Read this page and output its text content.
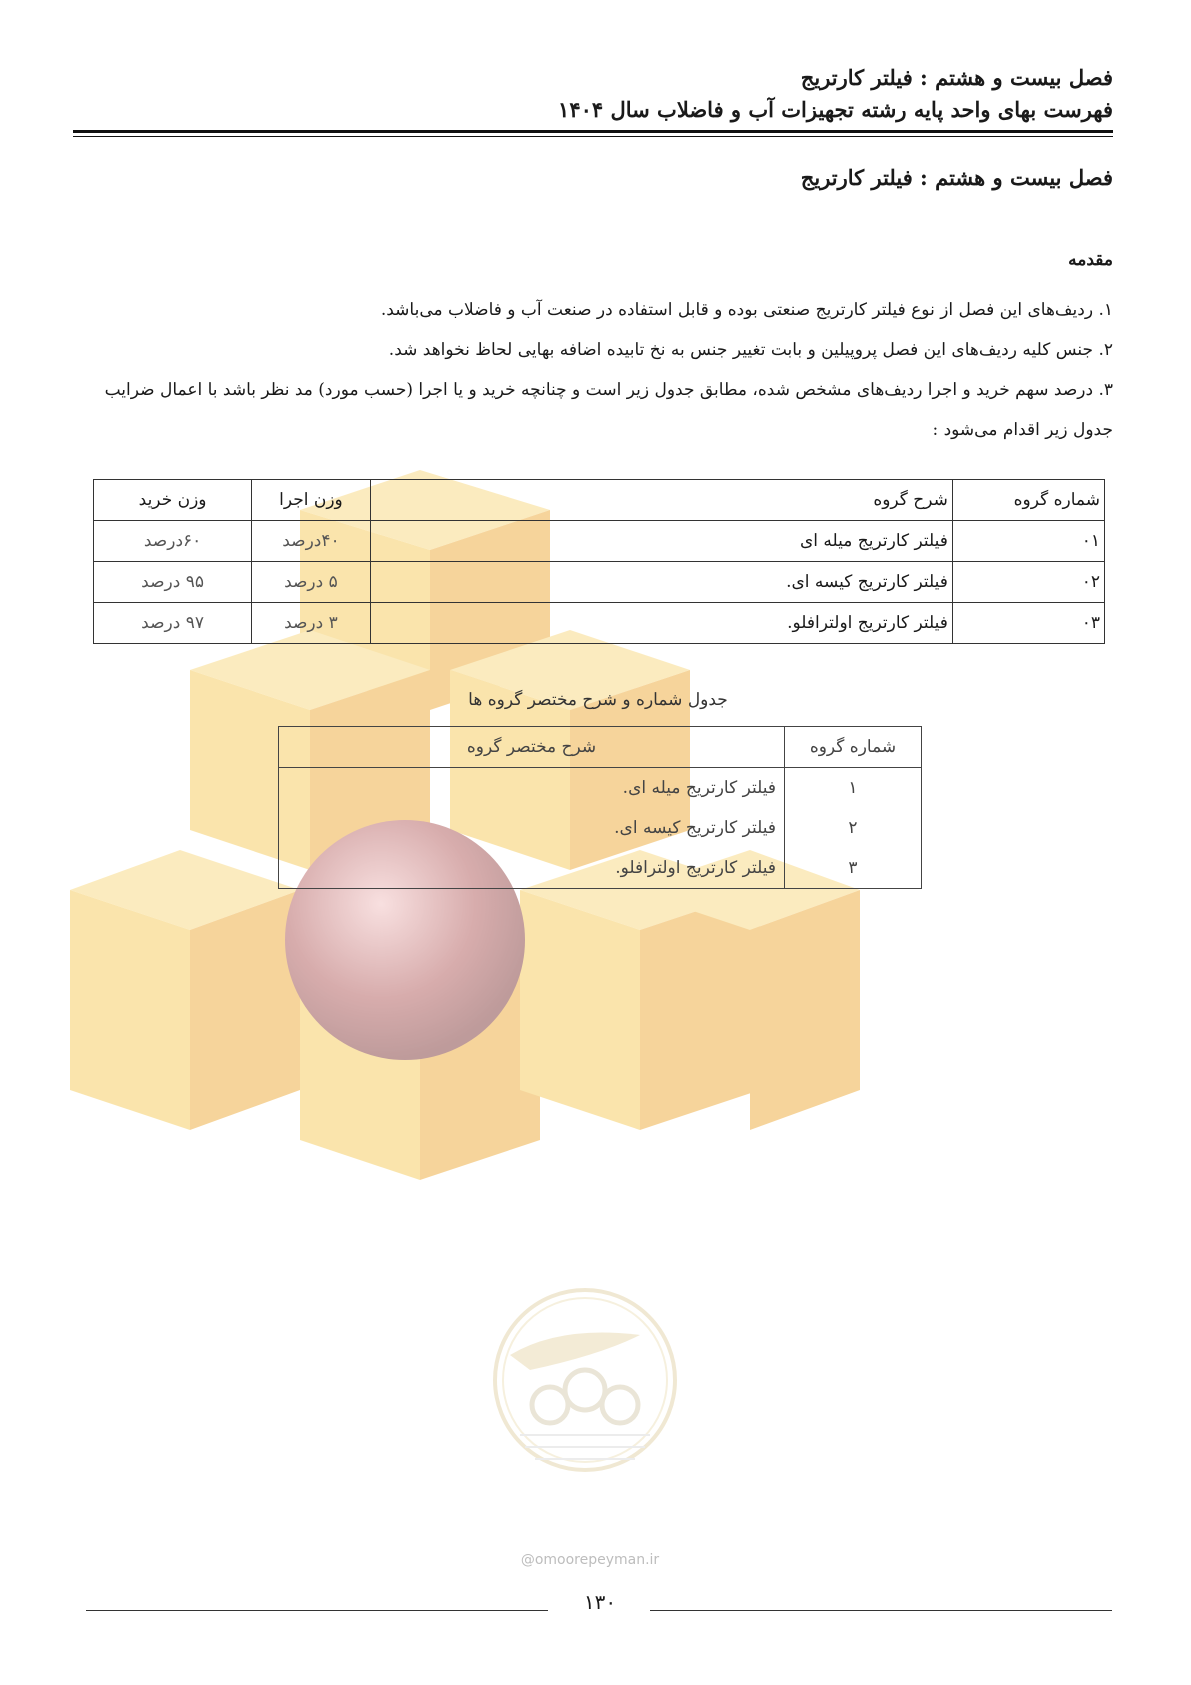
@omoorepeyman.ir
فصل بیست و هشتم : فیلتر کارتریج
فهرست بهای واحد پایه رشته تجهیزات آب و فاضلاب سال ۱۴۰۴
فصل بیست و هشتم : فیلتر کارتریج
مقدمه

۱. ردیف‌های این فصل از نوع فیلتر کارتریج صنعتی بوده و قابل استفاده در صنعت آب و فاضلاب می‌باشد.

۲. جنس کلیه ردیف‌های این فصل پروپیلین و بابت تغییر جنس به نخ تابیده اضافه بهایی لحاظ نخواهد شد.

۳. درصد سهم خرید و اجرا ردیف‌های مشخص شده، مطابق جدول زیر است و چنانچه خرید و یا اجرا (حسب مورد) مد نظر باشد با اعمال ضرایب جدول زیر اقدام می‌شود :

شماره گروه	شرح گروه	وزن اجرا	وزن خرید
۰۱	فیلتر کارتریج میله ای	۴۰درصد	۶۰درصد
۰۲	فیلتر کارتریج کیسه ای.	۵ درصد	۹۵ درصد
۰۳	فیلتر کارتریج اولترافلو.	۳ درصد	۹۷ درصد
جدول شماره و شرح مختصر گروه ها
شماره گروه	شرح مختصر گروه
۱	فیلتر کارتریج میله ای.
۲	فیلتر کارتریج کیسه ای.
۳	فیلتر کارتریج اولترافلو.
۱۳۰
